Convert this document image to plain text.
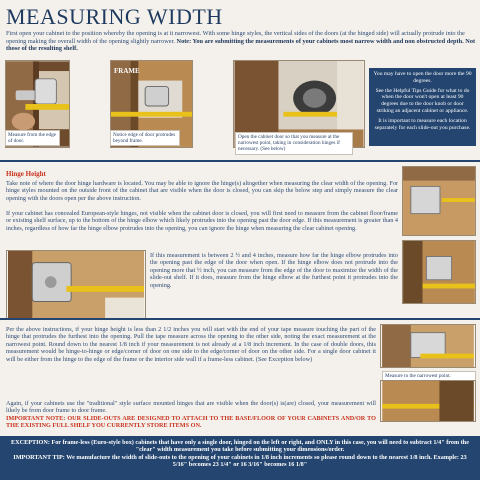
MEASURING WIDTH
First open your cabinet to the position whereby the opening is at it narrowest. With some hinge styles, the vertical sides of the doors (at the hinged side) will actually protrude into the opening making the overall width of the opening slightly narrower. Note: You are submitting the measurements of your cabinets most narrow width and non obstructed depth. Not those of the resulting shelf.
Measure from the edge of door.
FRAME
Notice edge of door protrudes beyond frame.
Open the cabinet door so that you measure at the narrowest point, taking in consideration hinges if necessary. (See below)

You may have to open the door more the 90 degrees.

See the Helpful Tips Guide for what to do when the door won't open at least 90 degrees due to the door knob or door striking an adjacent cabinet or appliance.

It is important to measure each location separately for each slide-out you purchase.

Hinge Height
Take note of where the door hinge hardware is located. You may be able to ignore the hinge(s) altogether when measuring the clear width of the opening. For hinge styles mounted on the outside front of the cabinet that are visible when the door is closed, you can skip the below step and simply measure the clear opening with the doors open per the above instruction.
If your cabinet has concealed European-style hinges, not visible when the cabinet door is closed, you will first need to measure from the cabinet floor/frame or existing shelf surface, up to the bottom of the hinge elbow which likely protrudes into the opening past the door edge. If this measurement is greater than 4 inches, regardless of how far the hinge elbow protrudes into the opening, you can ignore the hinge when measuring the clear cabinet opening.
If this measurement is between 2 ½ and 4 inches, measure how far the hinge elbow protrudes into the opening past the edge of the door when open. If the hinge elbow does not protrude into the opening more that ½ inch, you can measure from the edge of the door to maximize the width of the slide-out shelf. If it does, measure from the hinge elbow at the furthest point it protrudes into the opening.
Per the above instructions, if your hinge height is less than 2 1/2 inches you will start with the end of your tape measure touching the part of the hinge that protrudes the furthest into the opening. Pull the tape measure across the opening to the other side, noting the exact measurement at the narrowest point. Round down to the nearest 1/8 inch if your measurement is not already at a 1/8 inch increment. In the case of double doors, this measurement would be hinge-to-hinge or edge/corner of door on one side to the edge/corner of door on the other side. For a single door cabinet it will be either from the hinge to the edge of the frame or the interior side wall if a frame-less cabinet. (See Exception below)
Measure to the narrowest point.
Again, if your cabinets use the "traditional" style surface mounted hinges that are visible when the door(s) is(are) closed, your measurement will likely be from door frame to door frame.
IMPORTANT NOTE: OUR SLIDE-OUTS ARE DESIGNED TO ATTACH TO THE BASE/FLOOR OF YOUR CABINETS AND/OR TO THE EXISTING FULL SHELF YOU CURRENTLY STORE ITEMS ON.
EXCEPTION: For frame-less (Euro-style box) cabinets that have only a single door, hinged on the left or right, and ONLY in this case, you will need to subtract 1/4" from the "clear" width measurement you take before submitting your dimensions/order.
IMPORTANT TIP: We manufacture the width of slide-outs to the opening of your cabinets in 1/8 inch increments so please round down to the nearest 1/8 inch. Example: 23 5/16" becomes 23 1/4" or 16 3/16" becomes 16 1/8"
